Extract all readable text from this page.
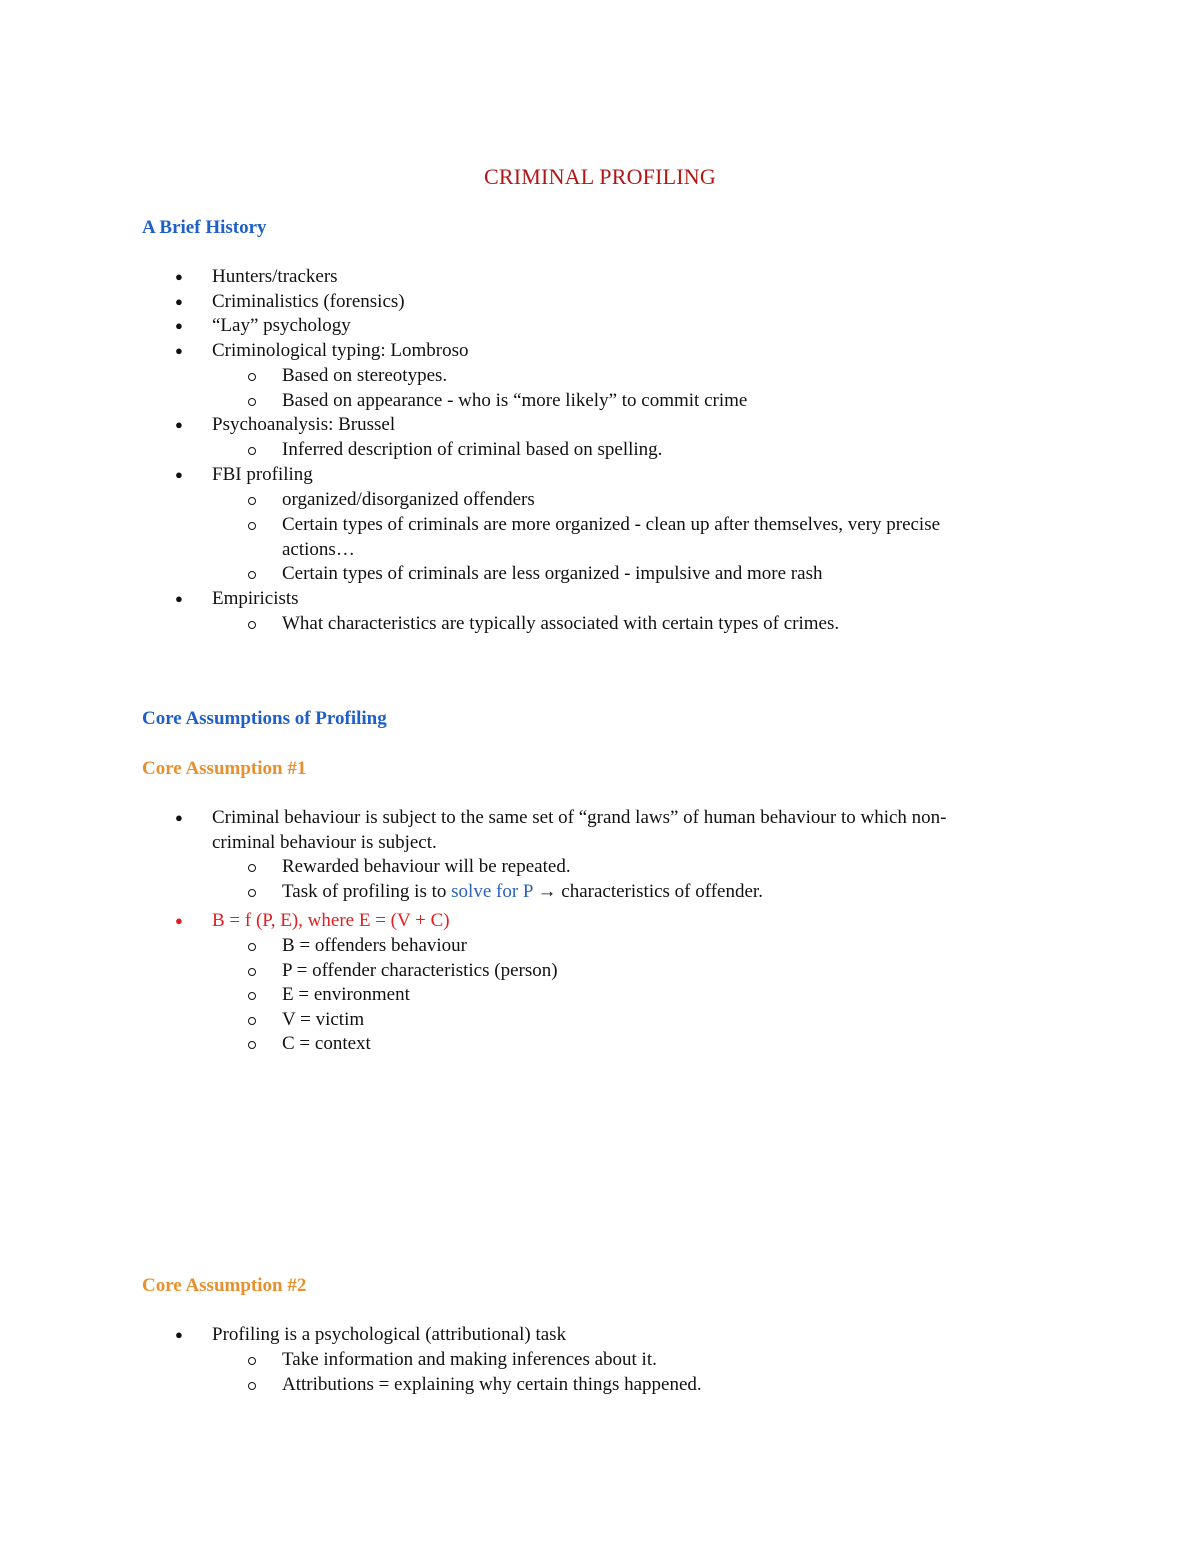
CRIMINAL PROFILING
A Brief History
● Hunters/trackers
● Criminalistics (forensics)
● “Lay” psychology
● Criminological typing: Lombroso
Based on stereotypes.
Based on appearance - who is “more likely” to commit crime
● Psychoanalysis: Brussel
Inferred description of criminal based on spelling.
● FBI profiling
organized/disorganized offenders
Certain types of criminals are more organized - clean up after themselves, very precise
actions…
Certain types of criminals are less organized - impulsive and more rash
● Empiricists
What characteristics are typically associated with certain types of crimes.
Core Assumptions of Profiling
Core Assumption #1
● Criminal behaviour is subject to the same set of “grand laws” of human behaviour to which non-
criminal behaviour is subject.
Rewarded behaviour will be repeated.
Task of profiling is to solve for P → characteristics of offender.
● B = f (P, E), where E = (V + C)
B = offenders behaviour
P = offender characteristics (person)
E = environment
V = victim
C = context
Core Assumption #2
● Profiling is a psychological (attributional) task
Take information and making inferences about it.
Attributions = explaining why certain things happened.
